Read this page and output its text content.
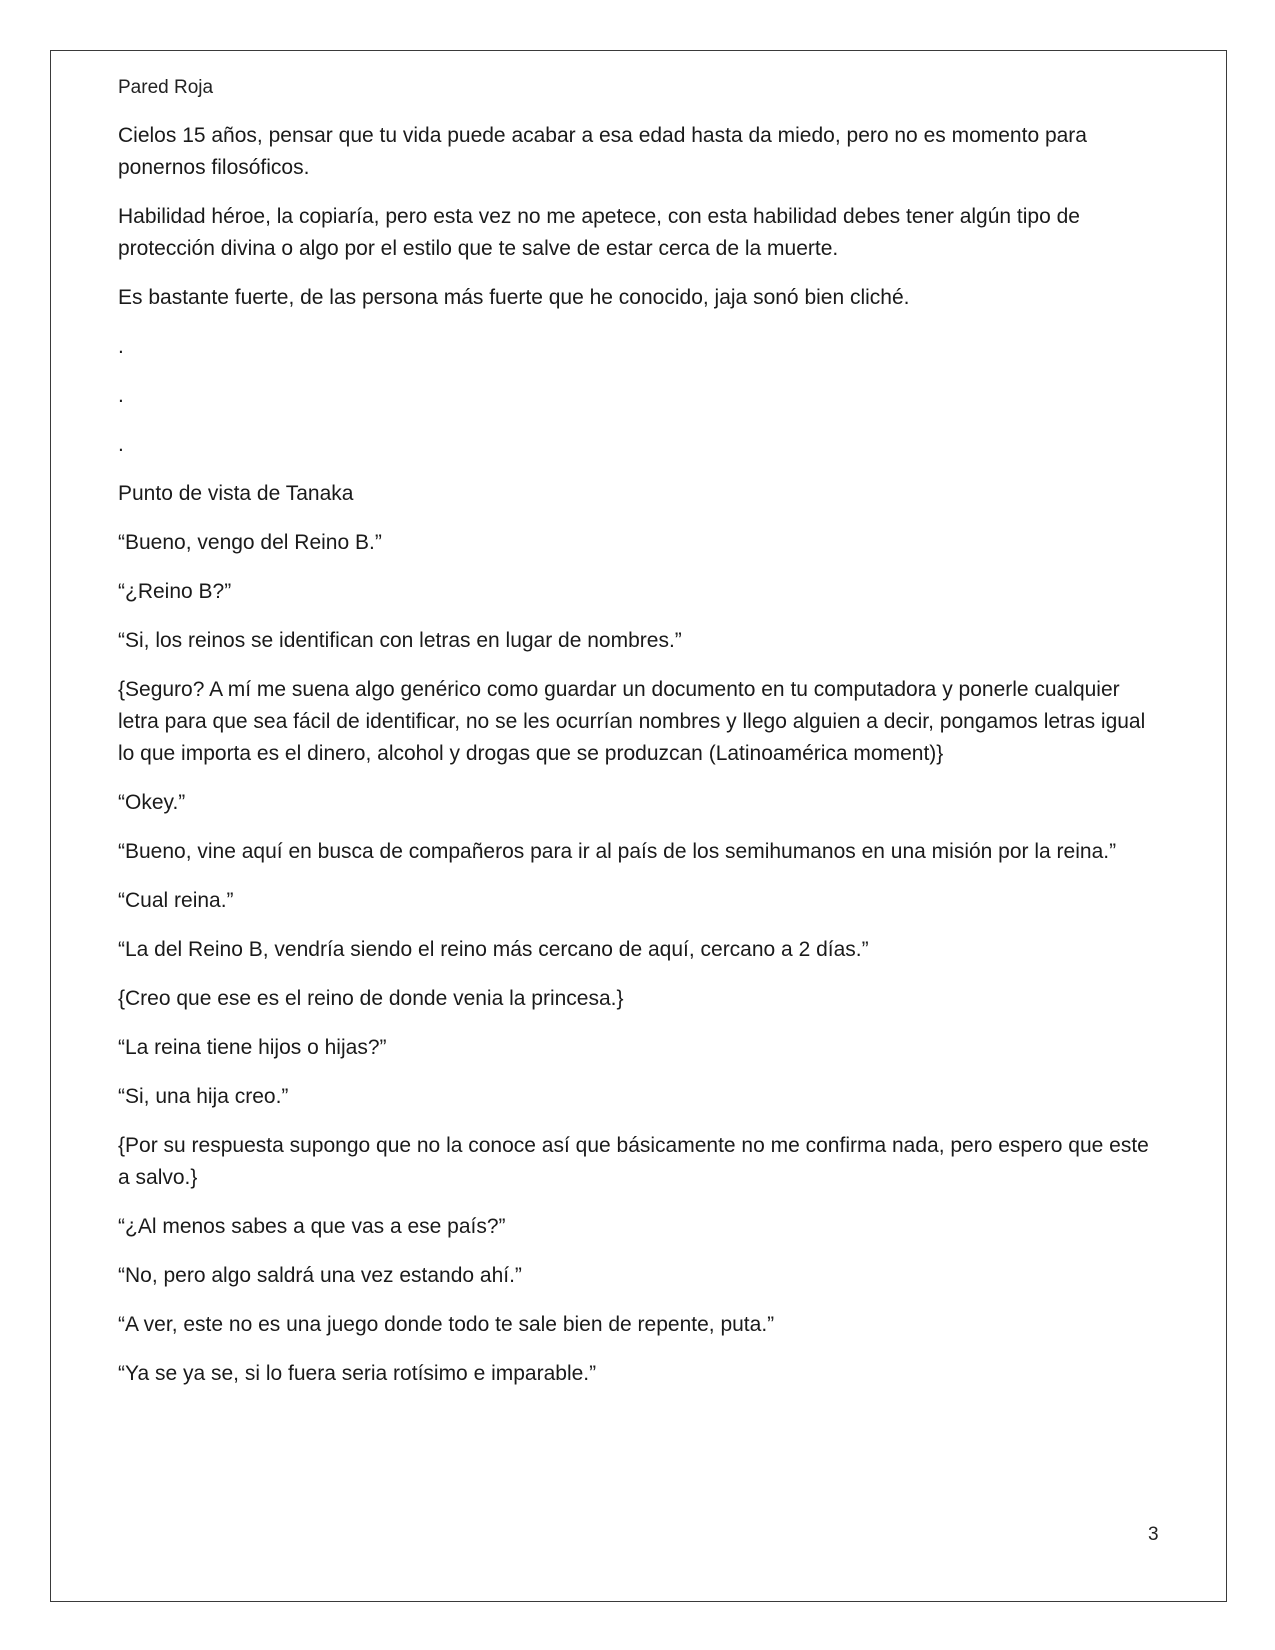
Pared Roja

Cielos 15 años, pensar que tu vida puede acabar a esa edad hasta da miedo, pero no es momento para ponernos filosóficos.

Habilidad héroe, la copiaría, pero esta vez no me apetece, con esta habilidad debes tener algún tipo de protección divina o algo por el estilo que te salve de estar cerca de la muerte.

Es bastante fuerte, de las persona más fuerte que he conocido, jaja sonó bien cliché.

.

.

.

Punto de vista de Tanaka

“Bueno, vengo del Reino B.”

“¿Reino B?”

“Si, los reinos se identifican con letras en lugar de nombres.”

{Seguro? A mí me suena algo genérico como guardar un documento en tu computadora y ponerle cualquier letra para que sea fácil de identificar, no se les ocurrían nombres y llego alguien a decir, pongamos letras igual lo que importa es el dinero, alcohol y drogas que se produzcan (Latinoamérica moment)}

“Okey.”

“Bueno, vine aquí en busca de compañeros para ir al país de los semihumanos en una misión por la reina.”

“Cual reina.”

“La del Reino B, vendría siendo el reino más cercano de aquí, cercano a 2 días.”

{Creo que ese es el reino de donde venia la princesa.}

“La reina tiene hijos o hijas?”

“Si, una hija creo.”

{Por su respuesta supongo que no la conoce así que básicamente no me confirma nada, pero espero que este a salvo.}

“¿Al menos sabes a que vas a ese país?”

“No, pero algo saldrá una vez estando ahí.”

“A ver, este no es una juego donde todo te sale bien de repente, puta.”

“Ya se ya se, si lo fuera seria rotísimo e imparable.”

3
